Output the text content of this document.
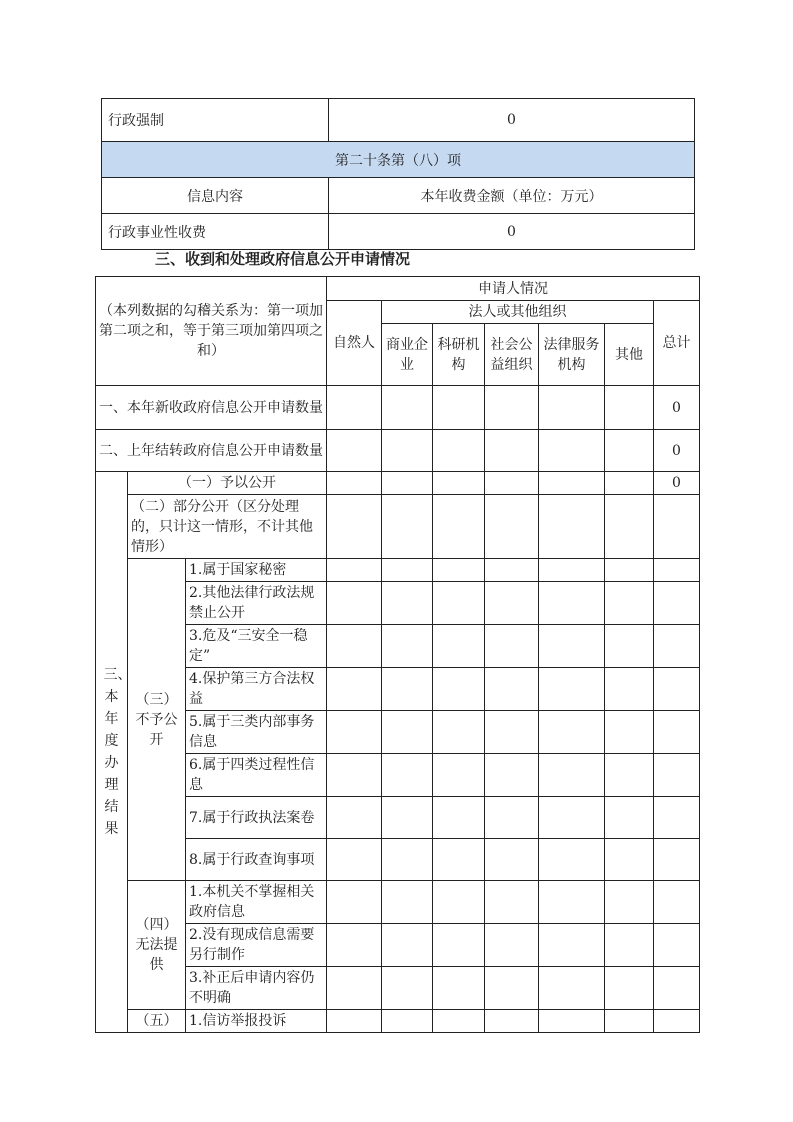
行政强制	0
第二十条第（八）项	
信息内容	本年收费金额（单位：万元）
行政事业性收费	0
三、收到和处理政府信息公开申请情况
（本列数据的勾稽关系为：第一项加第二项之和，等于第三项加第四项之和）			申请人情况						
			自然人	法人或其他组织					总计
				商业企业	科研机构	社会公益组织	法律服务机构	其他	
一、本年新收政府信息公开申请数量									0
二、上年结转政府信息公开申请数量									0

三、本年度办理结果	（一）予以公开								0
	（二）部分公开（区分处理的，只计这一情形，不计其他情形）								
	（三）不予公开	1.属于国家秘密							
		2.其他法律行政法规禁止公开							
		3.危及“三安全一稳定”							
		4.保护第三方合法权益							
		5.属于三类内部事务信息							
		6.属于四类过程性信息							
		7.属于行政执法案卷							
		8.属于行政查询事项							
	（四）无法提供	1.本机关不掌握相关政府信息							
		2.没有现成信息需要另行制作							
		3.补正后申请内容仍不明确							
	（五）	1.信访举报投诉							
